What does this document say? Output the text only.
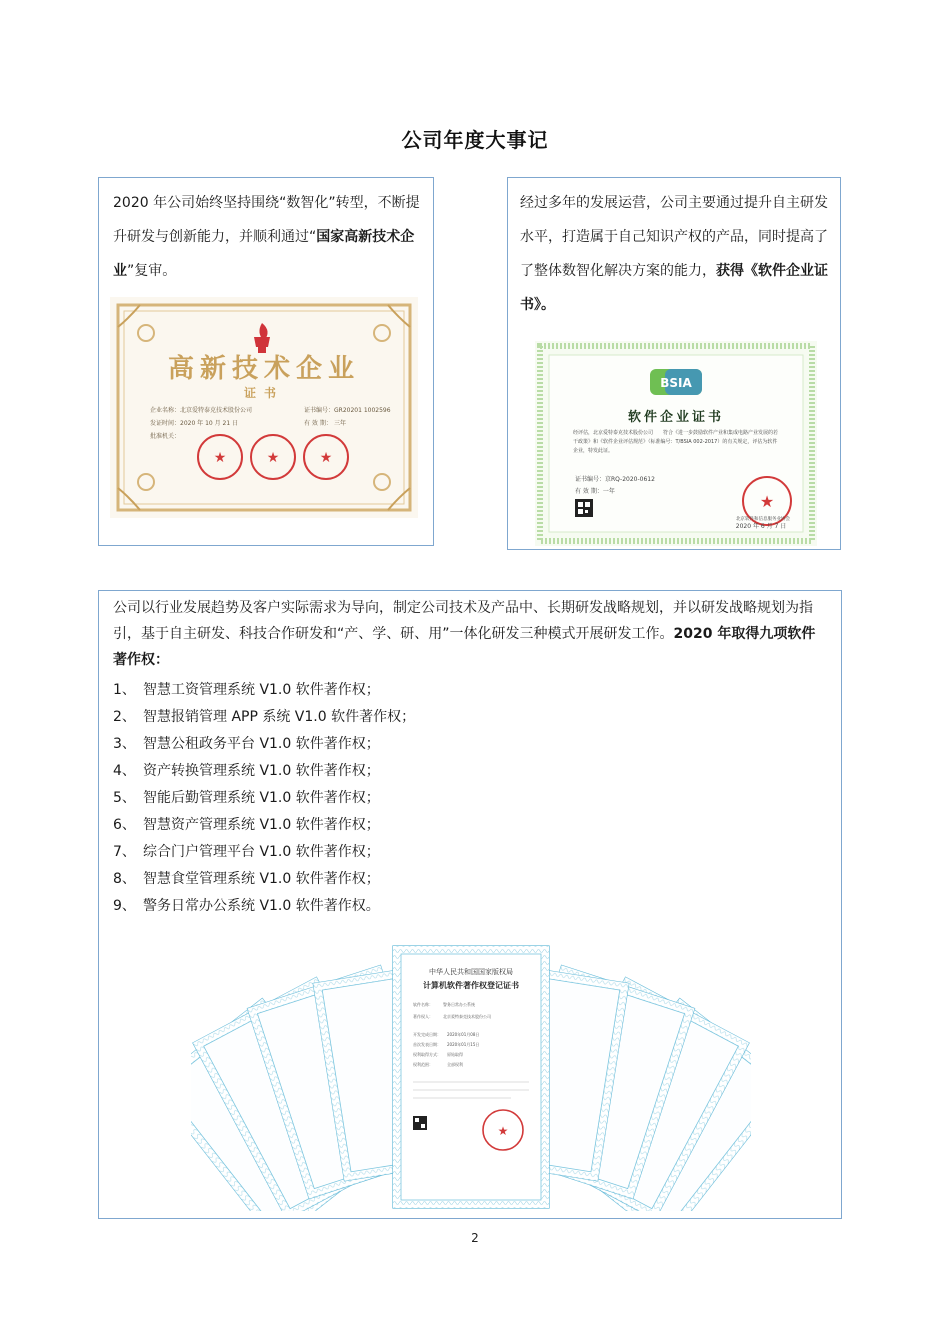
公司年度大事记
2020 年公司始终坚持围绕“数智化”转型，不断提升研发与创新能力，并顺利通过“国家高新技术企业”复审。
高新技术企业
证书
企业名称： 北京爱特泰克技术股份公司	证书编号： GR20201 1002596
发证时间： 2020 年 10 月 21 日	有 效 期： 三年
批准机关：
★	★	★
经过多年的发展运营，公司主要通过提升自主研发水平，打造属于自己知识产权的产品，同时提高了了整体数智化解决方案的能力，获得《软件企业证书》。
BSIA
软件企业证书
经评估，北京爱特泰克技术股份公司　　符合《进一步鼓励软件产业和集成电路产业发展的若干政策》和《软件企业评估规范》（标准编号：T/BSIA 002-2017）的有关规定，评估为软件企业，特发此证。
证书编号：京RQ-2020-0612
有 效 期：一年
★
北京软件和信息服务业协会
2020 年 6 月 7 日
公司以行业发展趋势及客户实际需求为导向，制定公司技术及产品中、长期研发战略规划，并以研发战略规划为指引，基于自主研发、科技合作研发和“产、学、研、用”一体化研发三种模式开展研发工作。2020 年取得九项软件著作权：
1、 智慧工资管理系统 V1.0 软件著作权；
2、 智慧报销管理 APP 系统 V1.0 软件著作权；
3、 智慧公租政务平台 V1.0 软件著作权；
4、 资产转换管理系统 V1.0 软件著作权；
5、 智能后勤管理系统 V1.0 软件著作权；
6、 智慧资产管理系统 V1.0 软件著作权；
7、 综合门户管理平台 V1.0 软件著作权；
8、 智慧食堂管理系统 V1.0 软件著作权；
9、 警务日常办公系统 V1.0 软件著作权。
中华人民共和国国家版权局
计算机软件著作权登记证书
软件名称：	警务日常办公系统
著作权人：	北京爱特泰克技术股份公司
开发完成日期： 2020年01月08日
首次发表日期： 2020年01月15日
权利取得方式： 原始取得
权利范围：	全部权利
★
2
